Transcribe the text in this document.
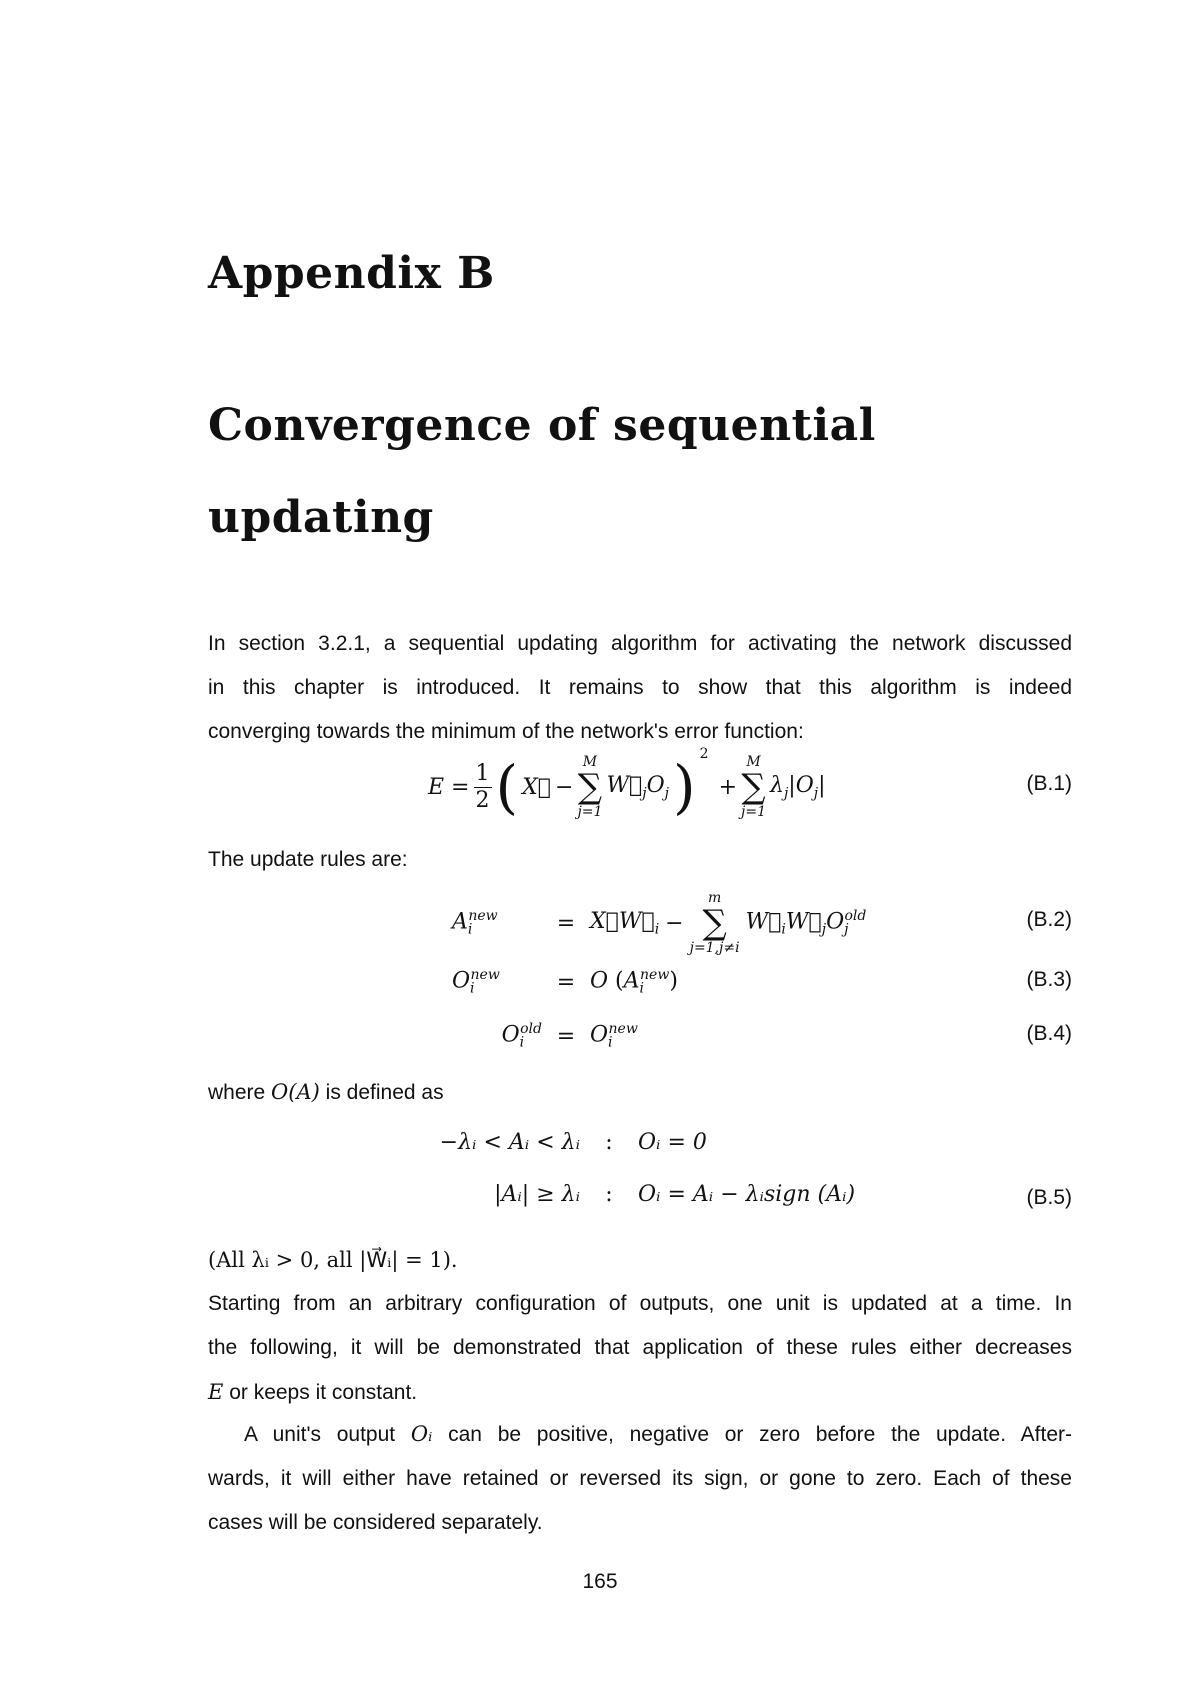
Appendix B
Convergence of sequential
updating
In section 3.2.1, a sequential updating algorithm for activating the network discussed
in this chapter is introduced. It remains to show that this algorithm is indeed
converging towards the minimum of the network's error function:
$E = \frac{1}{2}$ ( X⃗ −
M
∑
j=1
$W⃗_jO_j$ ) $^2$
+
M
∑
j=1
$\lambda_j|O_j|$	(B.1)
The update rules are:
$A_i^{new}$	= $X⃗W⃗_i$ −
m
∑
j=1,j≠i
$W⃗_iW⃗_jO_j^{old}$	(B.2)
$O_i^{new}$	= O $(A_i^{new})$	(B.3)
$O_i^{old} = O_i^{new}$	(B.4)
where O(A) is defined as
−λᵢ < Aᵢ < λᵢ : Oᵢ = 0
|Aᵢ| ≥ λᵢ : Oᵢ = Aᵢ − λᵢsign (Aᵢ)	(B.5)
(All λᵢ > 0, all |W⃗ᵢ| = 1).
Starting from an arbitrary configuration of outputs, one unit is updated at a time. In
the following, it will be demonstrated that application of these rules either decreases
E or keeps it constant.
A unit's output Oᵢ can be positive, negative or zero before the update. After-
wards, it will either have retained or reversed its sign, or gone to zero. Each of these
cases will be considered separately.
165
